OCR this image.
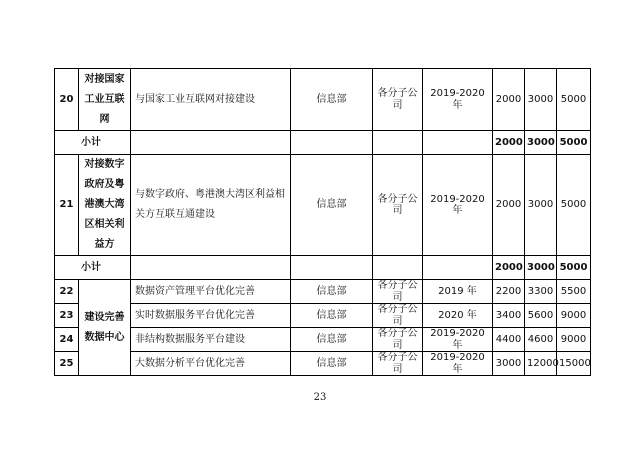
20	对接国家工业互联网	与国家工业互联网对接建设	信息部	各分子公司	2019-2020 年	2000	3000	5000
小计						2000	3000	5000
21	对接数字政府及粤港澳大湾区相关利益方	与数字政府、粤港澳大湾区利益相关方互联互通建设	信息部	各分子公司	2019-2020 年	2000	3000	5000
小计						2000	3000	5000
22	建设完善数据中心	数据资产管理平台优化完善	信息部	各分子公司	2019 年	2200	3300	5500
23		实时数据服务平台优化完善	信息部	各分子公司	2020 年	3400	5600	9000
24		非结构数据服务平台建设	信息部	各分子公司	2019-2020 年	4400	4600	9000
25		大数据分析平台优化完善	信息部	各分子公司	2019-2020 年	3000	12000	15000
23
